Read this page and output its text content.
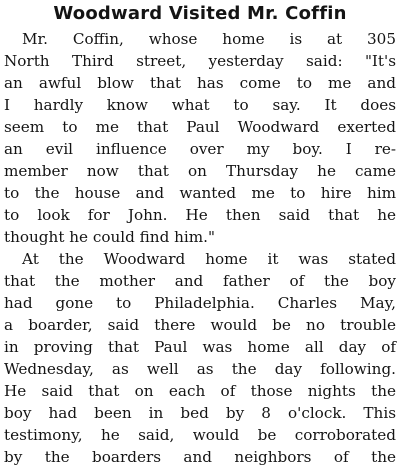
Woodward Visited Mr. Coffin
Mr. Coffin, whose home is at 305
North Third street, yesterday said: "It's
an awful blow that has come to me and
I hardly know what to say. It does
seem to me that Paul Woodward exerted
an evil influence over my boy. I re-
member now that on Thursday he came
to the house and wanted me to hire him
to look for John. He then said that he
thought he could find him."
At the Woodward home it was stated
that the mother and father of the boy
had gone to Philadelphia. Charles May,
a boarder, said there would be no trouble
in proving that Paul was home all day of
Wednesday, as well as the day following.
He said that on each of those nights the
boy had been in bed by 8 o'clock. This
testimony, he said, would be corroborated
by the boarders and neighbors of the
